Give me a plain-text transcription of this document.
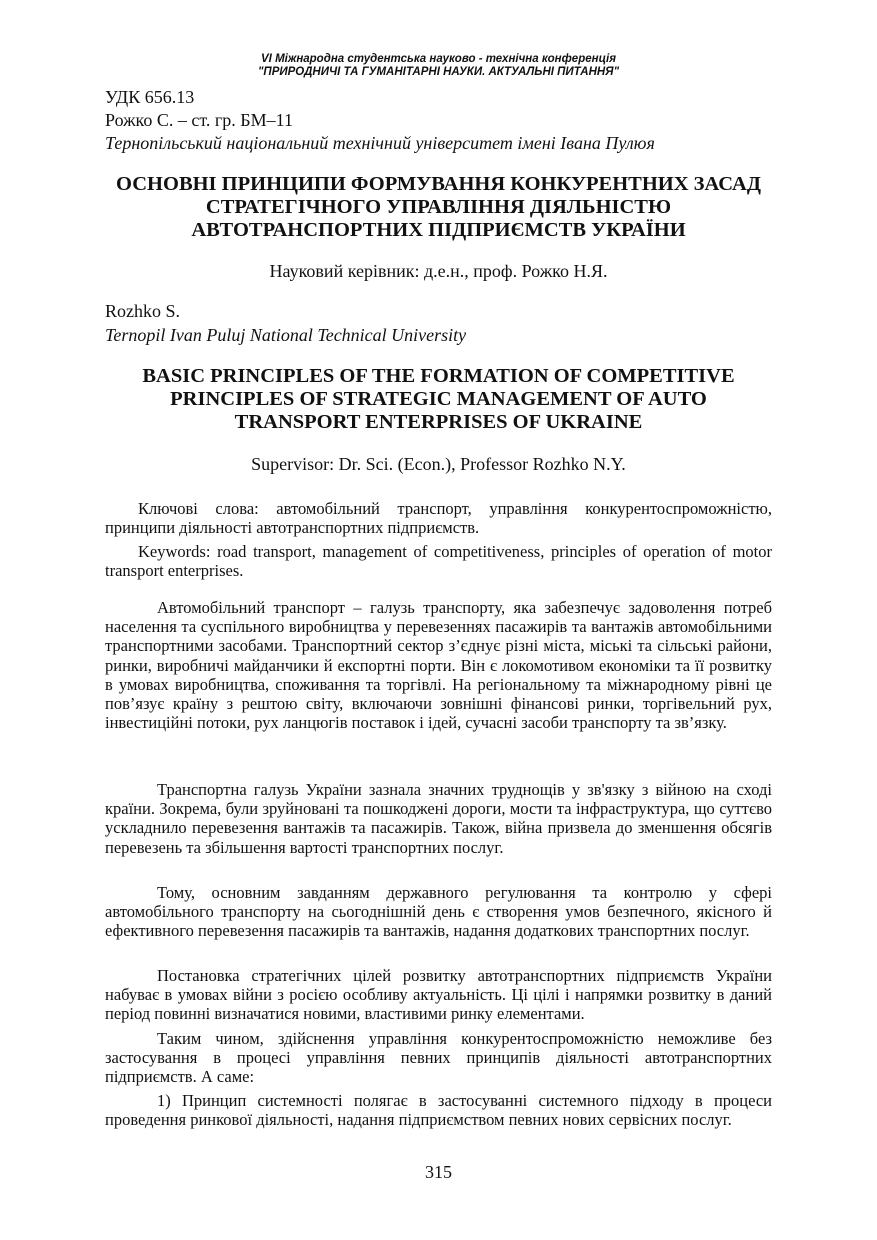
VI Міжнародна студентська науково - технічна конференція
"ПРИРОДНИЧІ ТА ГУМАНІТАРНІ НАУКИ. АКТУАЛЬНІ ПИТАННЯ"
УДК 656.13
Рожко С. – ст. гр. БМ–11
Тернопільський національний технічний університет імені Івана Пулюя
ОСНОВНІ ПРИНЦИПИ ФОРМУВАННЯ КОНКУРЕНТНИХ ЗАСАД
СТРАТЕГІЧНОГО УПРАВЛІННЯ ДІЯЛЬНІСТЮ
АВТОТРАНСПОРТНИХ ПІДПРИЄМСТВ УКРАЇНИ
Науковий керівник: д.е.н., проф. Рожко Н.Я.
Rozhko S.
Ternopil Ivan Puluj National Technical University
BASIC PRINCIPLES OF THE FORMATION OF COMPETITIVE
PRINCIPLES OF STRATEGIC MANAGEMENT OF AUTO
TRANSPORT ENTERPRISES OF UKRAINE
Supervisor: Dr. Sci. (Econ.), Professor Rozhko N.Y.
Ключові слова: автомобільний транспорт, управління конкурентоспроможністю, принципи діяльності автотранспортних підприємств.
Keywords: road transport, management of competitiveness, principles of operation of motor transport enterprises.
Автомобільний транспорт – галузь транспорту, яка забезпечує задоволення потреб населення та суспільного виробництва у перевезеннях пасажирів та вантажів автомобільними транспортними засобами. Транспортний сектор з’єднує різні міста, міські та сільські райони, ринки, виробничі майданчики й експортні порти. Він є локомотивом економіки та її розвитку в умовах виробництва, споживання та торгівлі. На регіональному та міжнародному рівні це пов’язує країну з рештою світу, включаючи зовнішні фінансові ринки, торгівельний рух, інвестиційні потоки, рух ланцюгів поставок і ідей, сучасні засоби транспорту та зв’язку.
Транспортна галузь України зазнала значних труднощів у зв'язку з війною на сході країни. Зокрема, були зруйновані та пошкоджені дороги, мости та інфраструктура, що суттєво ускладнило перевезення вантажів та пасажирів. Також, війна призвела до зменшення обсягів перевезень та збільшення вартості транспортних послуг.
Тому, основним завданням державного регулювання та контролю у сфері автомобільного транспорту на сьогоднішній день є створення умов безпечного, якісного й ефективного перевезення пасажирів та вантажів, надання додаткових транспортних послуг.
Постановка стратегічних цілей розвитку автотранспортних підприємств України набуває в умовах війни з росією особливу актуальність. Ці цілі і напрямки розвитку в даний період повинні визначатися новими, властивими ринку елементами.
Таким чином, здійснення управління конкурентоспроможністю неможливе без застосування в процесі управління певних принципів діяльності автотранспортних підприємств. А саме:
1) Принцип системності полягає в застосуванні системного підходу в процеси проведення ринкової діяльності, надання підприємством певних нових сервісних послуг.
315
